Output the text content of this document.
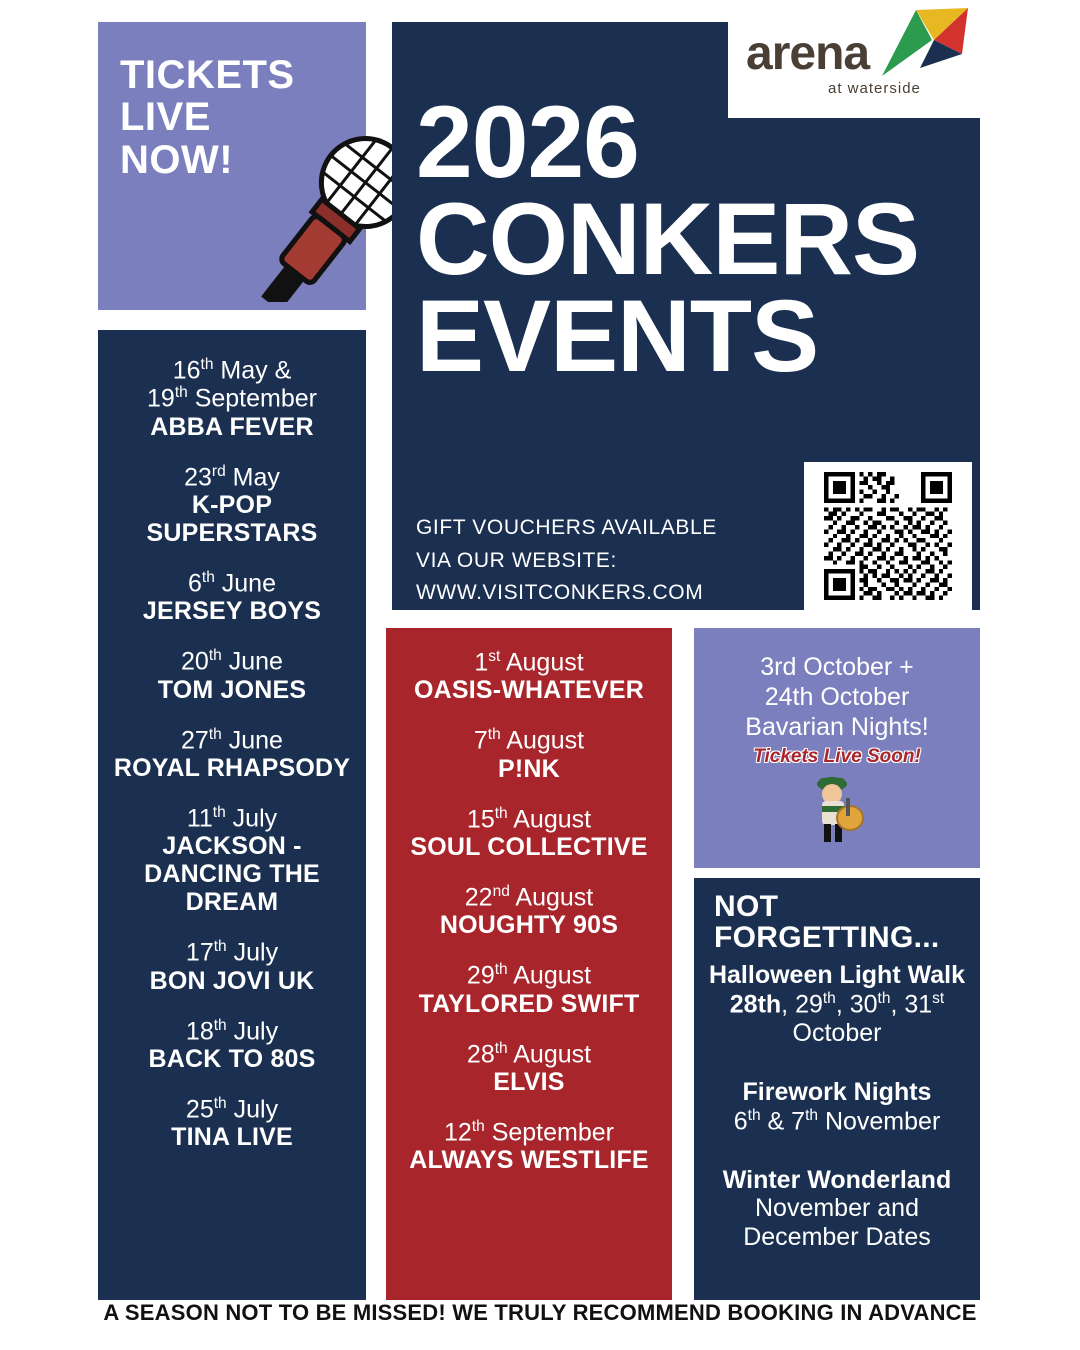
TICKETS
LIVE
NOW!	2026
CONKERS
EVENTS
GIFT VOUCHERS AVAILABLE
VIA OUR WEBSITE:
WWW.VISITCONKERS.COM
arena
at waterside
16th May &
19th September
ABBA FEVER
23rd May
K-POP
SUPERSTARS
6th June
JERSEY BOYS
20th June
TOM JONES
27th June
ROYAL RHAPSODY
11th July
JACKSON -
DANCING THE
DREAM
17th July
BON JOVI UK
18th July
BACK TO 80S
25th July
TINA LIVE
1st August
OASIS-WHATEVER
7th August
P!NK
15th August
SOUL COLLECTIVE
22nd August
NOUGHTY 90S
29th August
TAYLORED SWIFT
28th August
ELVIS
12th September
ALWAYS WESTLIFE
3rd October +
24th October
Bavarian Nights!
Tickets Live Soon!
NOT
FORGETTING...
Halloween Light Walk
28th, 29th, 30th, 31st
October
Firework Nights
6th & 7th November
Winter Wonderland
November and
December Dates
A SEASON NOT TO BE MISSED! WE TRULY RECOMMEND BOOKING IN ADVANCE
